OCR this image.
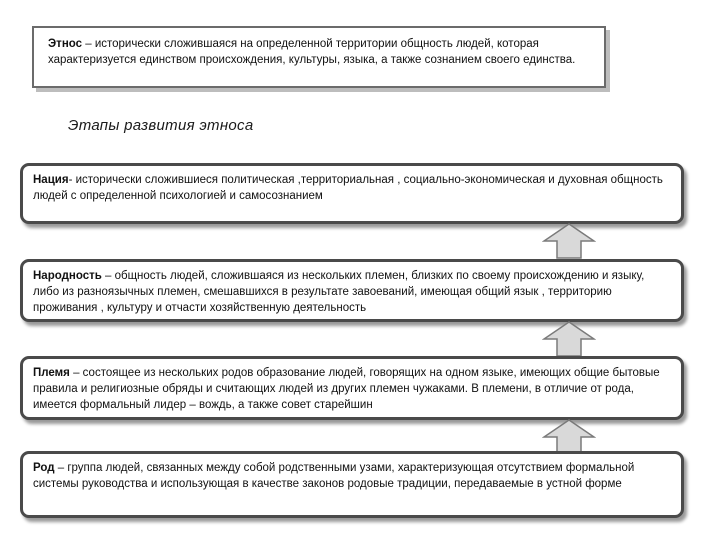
Этнос – исторически сложившаяся на определенной территории общность людей, которая характеризуется единством происхождения, культуры, языка, а также сознанием своего единства.
Этапы развития этноса
Нация- исторически сложившиеся политическая ,территориальная , социально-экономическая и духовная общность людей с определенной психологией и самосознанием
Народность – общность людей, сложившаяся из нескольких племен, близких по своему происхождению и языку, либо из разноязычных племен, смешавшихся в результате завоеваний, имеющая общий язык , территорию проживания , культуру и отчасти хозяйственную деятельность
Племя – состоящее из нескольких родов образование людей, говорящих на одном языке, имеющих общие бытовые правила и религиозные обряды и считающих людей из других племен чужаками. В племени, в отличие от рода, имеется формальный лидер – вождь, а также совет старейшин
Род – группа людей, связанных между собой родственными узами, характеризующая отсутствием формальной системы руководства и использующая в качестве законов родовые традиции, передаваемые в устной форме
